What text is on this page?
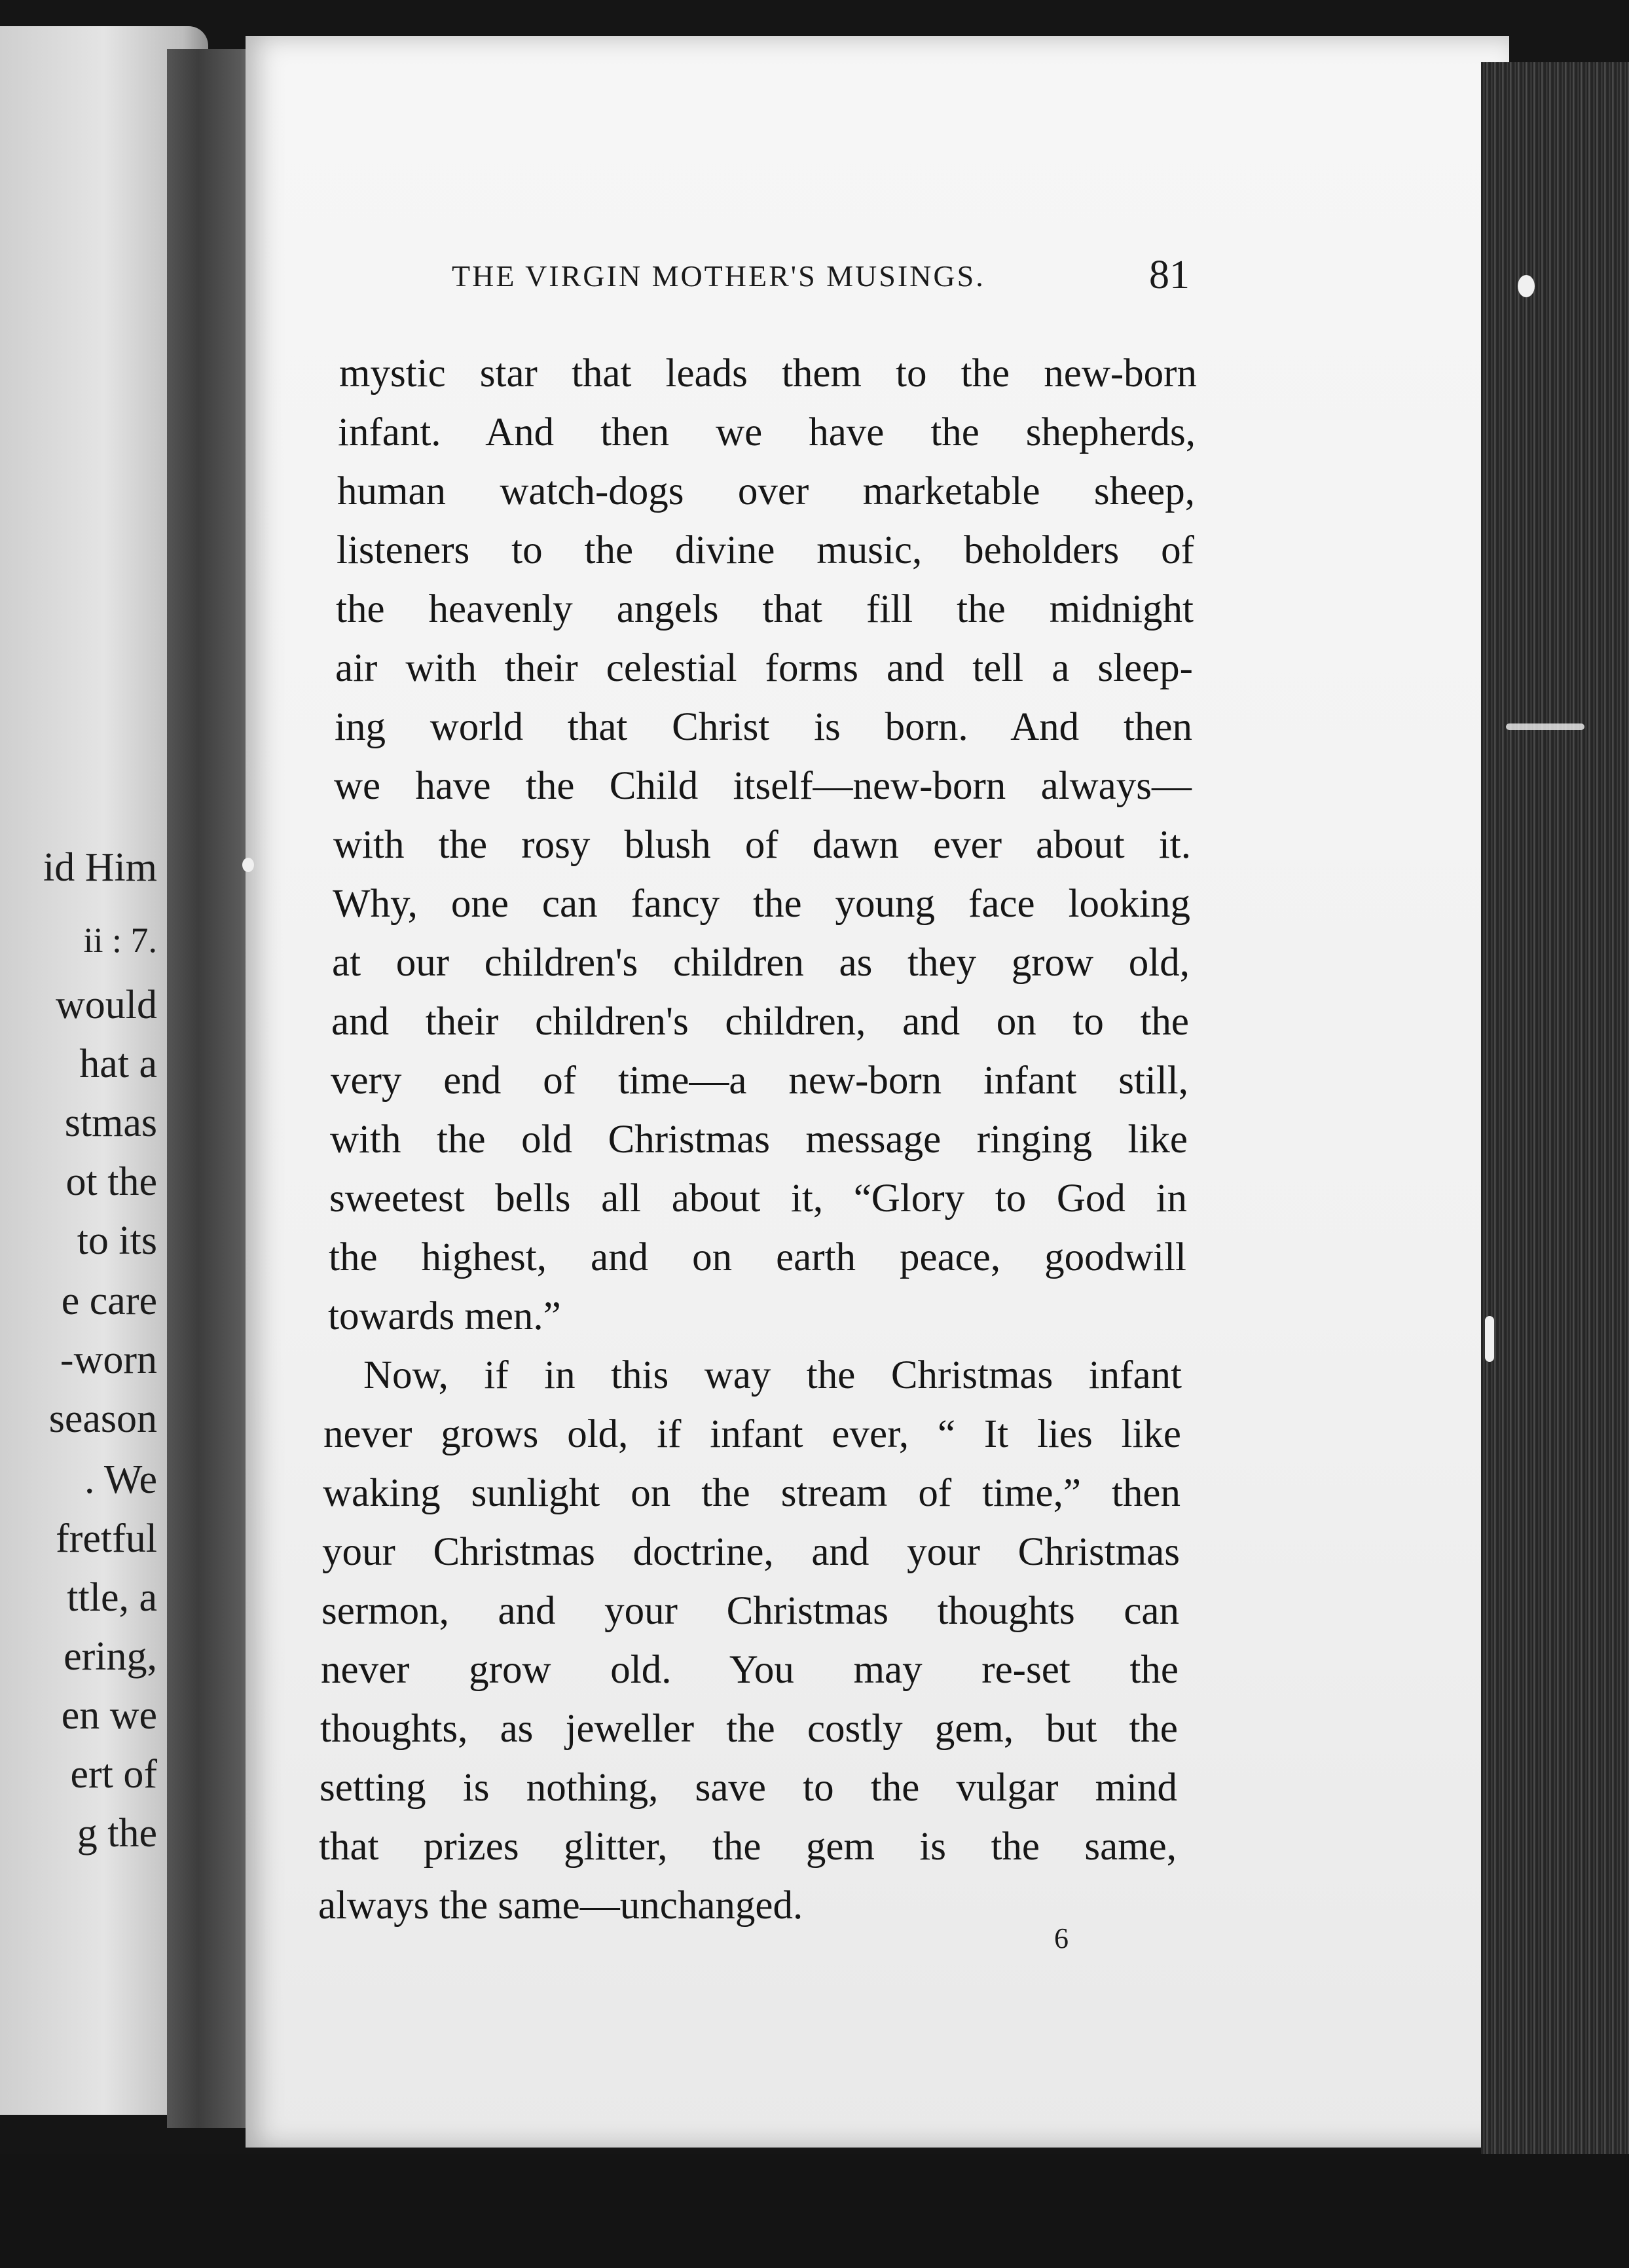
id Him
ii : 7.
would
hat a
stmas
ot the
to its
e care
-worn
season
. We
fretful
ttle, a
ering,
en we
ert of
g the
THE VIRGIN MOTHER'S MUSINGS.	81
mystic star that leads them to the new-born
infant. And then we have the shepherds,
human watch-dogs over marketable sheep,
listeners to the divine music, beholders of
the heavenly angels that fill the midnight
air with their celestial forms and tell a sleep-
ing world that Christ is born. And then
we have the Child itself—new-born always—
with the rosy blush of dawn ever about it.
Why, one can fancy the young face looking
at our children's children as they grow old,
and their children's children, and on to the
very end of time—a new-born infant still,
with the old Christmas message ringing like
sweetest bells all about it, “Glory to God in
the highest, and on earth peace, goodwill
towards men.”
Now, if in this way the Christmas infant
never grows old, if infant ever, “ It lies like
waking sunlight on the stream of time,” then
your Christmas doctrine, and your Christmas
sermon, and your Christmas thoughts can
never grow old. You may re-set the
thoughts, as jeweller the costly gem, but the
setting is nothing, save to the vulgar mind
that prizes glitter, the gem is the same,
always the same—unchanged.
6
